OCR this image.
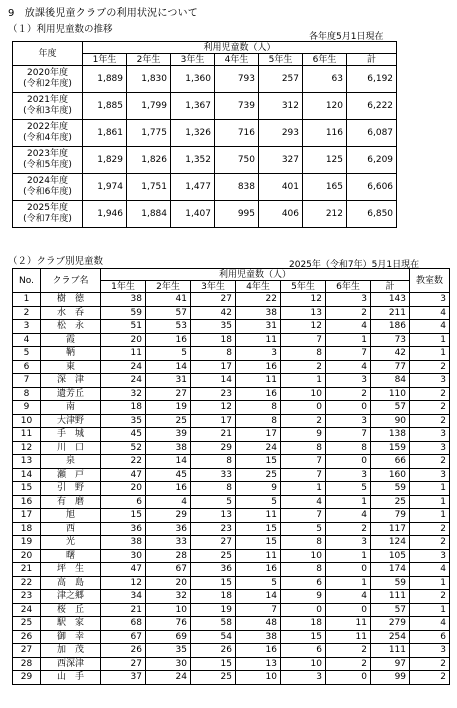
9　放課後児童クラブの利用状況について
（１）利用児童数の推移
各年度5月1日現在
年度	利用児童数（人）						
	1年生	2年生	3年生	4年生	5年生	6年生	計

2020年度
(令和2年度)	1,889	1,830	1,360	793	257	63	6,192

2021年度
(令和3年度)	1,885	1,799	1,367	739	312	120	6,222

2022年度
(令和4年度)	1,861	1,775	1,326	716	293	116	6,087

2023年度
(令和5年度)	1,829	1,826	1,352	750	327	125	6,209

2024年度
(令和6年度)	1,974	1,751	1,477	838	401	165	6,606

2025年度
(令和7年度)	1,946	1,884	1,407	995	406	212	6,850
（２）クラブ別児童数	2025年（令和7年）5月1日現在
No.	クラブ名	利用児童数（人）							教室数
		1年生	2年生	3年生	4年生	5年生	6年生	計	
1	樹　徳	38	41	27	22	12	3	143	3
2	水　呑	59	57	42	38	13	2	211	4
3	松　永	51	53	35	31	12	4	186	4
4	霞	20	16	18	11	7	1	73	1
5	鞆	11	5	8	3	8	7	42	1
6	東	24	14	17	16	2	4	77	2
7	深　津	24	31	14	11	1	3	84	3
8	遺芳丘	32	27	23	16	10	2	110	2
9	南	18	19	12	8	0	0	57	2
10	大津野	35	25	17	8	2	3	90	2
11	手　城	45	39	21	17	9	7	138	3
12	川　口	52	38	29	24	8	8	159	3
13	泉	22	14	8	15	7	0	66	2
14	瀬　戸	47	45	33	25	7	3	160	3
15	引　野	20	16	8	9	1	5	59	1
16	有　磨	6	4	5	5	4	1	25	1
17	旭	15	29	13	11	7	4	79	1
18	西	36	36	23	15	5	2	117	2
19	光	38	33	27	15	8	3	124	2
20	曙	30	28	25	11	10	1	105	3
21	坪　生	47	67	36	16	8	0	174	4
22	高　島	12	20	15	5	6	1	59	1
23	津之郷	34	32	18	14	9	4	111	2
24	桜　丘	21	10	19	7	0	0	57	1
25	駅　家	68	76	58	48	18	11	279	4
26	御　幸	67	69	54	38	15	11	254	6
27	加　茂	26	35	26	16	6	2	111	3
28	西深津	27	30	15	13	10	2	97	2
29	山　手	37	24	25	10	3	0	99	2
